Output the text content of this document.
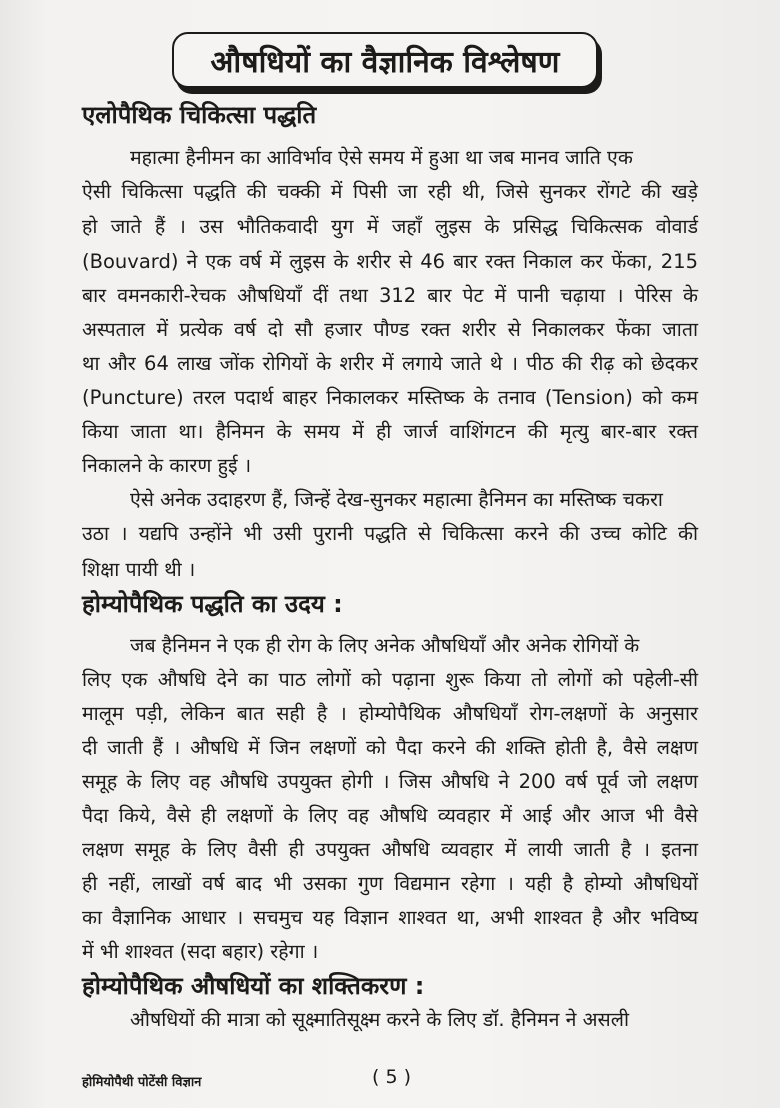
औषधियों का वैज्ञानिक विश्लेषण
एलोपैथिक चिकित्सा पद्धति
महात्मा हैनीमन का आविर्भाव ऐसे समय में हुआ था जब मानव जाति एक
ऐसी चिकित्सा पद्धति की चक्की में पिसी जा रही थी, जिसे सुनकर रोंगटे की खड़े
हो जाते हैं । उस भौतिकवादी युग में जहाँ लुइस के प्रसिद्ध चिकित्सक वोवार्ड
(Bouvard) ने एक वर्ष में लुइस के शरीर से 46 बार रक्त निकाल कर फेंका, 215
बार वमनकारी-रेचक औषधियाँ दीं तथा 312 बार पेट में पानी चढ़ाया । पेरिस के
अस्पताल में प्रत्येक वर्ष दो सौ हजार पौण्ड रक्त शरीर से निकालकर फेंका जाता
था और 64 लाख जोंक रोगियों के शरीर में लगाये जाते थे । पीठ की रीढ़ को छेदकर
(Puncture) तरल पदार्थ बाहर निकालकर मस्तिष्क के तनाव (Tension) को कम
किया जाता था। हैनिमन के समय में ही जार्ज वाशिंगटन की मृत्यु बार-बार रक्त
निकालने के कारण हुई ।
ऐसे अनेक उदाहरण हैं, जिन्हें देख-सुनकर महात्मा हैनिमन का मस्तिष्क चकरा
उठा । यद्यपि उन्होंने भी उसी पुरानी पद्धति से चिकित्सा करने की उच्च कोटि की
शिक्षा पायी थी ।
होम्योपैथिक पद्धति का उदय :
जब हैनिमन ने एक ही रोग के लिए अनेक औषधियाँ और अनेक रोगियों के
लिए एक औषधि देने का पाठ लोगों को पढ़ाना शुरू किया तो लोगों को पहेली-सी
मालूम पड़ी, लेकिन बात सही है । होम्योपैथिक औषधियाँ रोग-लक्षणों के अनुसार
दी जाती हैं । औषधि में जिन लक्षणों को पैदा करने की शक्ति होती है, वैसे लक्षण
समूह के लिए वह औषधि उपयुक्त होगी । जिस औषधि ने 200 वर्ष पूर्व जो लक्षण
पैदा किये, वैसे ही लक्षणों के लिए वह औषधि व्यवहार में आई और आज भी वैसे
लक्षण समूह के लिए वैसी ही उपयुक्त औषधि व्यवहार में लायी जाती है । इतना
ही नहीं, लाखों वर्ष बाद भी उसका गुण विद्यमान रहेगा । यही है होम्यो औषधियों
का वैज्ञानिक आधार । सचमुच यह विज्ञान शाश्वत था, अभी शाश्वत है और भविष्य
में भी शाश्वत (सदा बहार) रहेगा ।
होम्योपैथिक औषधियों का शक्तिकरण :
औषधियों की मात्रा को सूक्ष्मातिसूक्ष्म करने के लिए डॉ. हैनिमन ने असली
होमियोपैथी पोटेंसी विज्ञान	( 5 )
